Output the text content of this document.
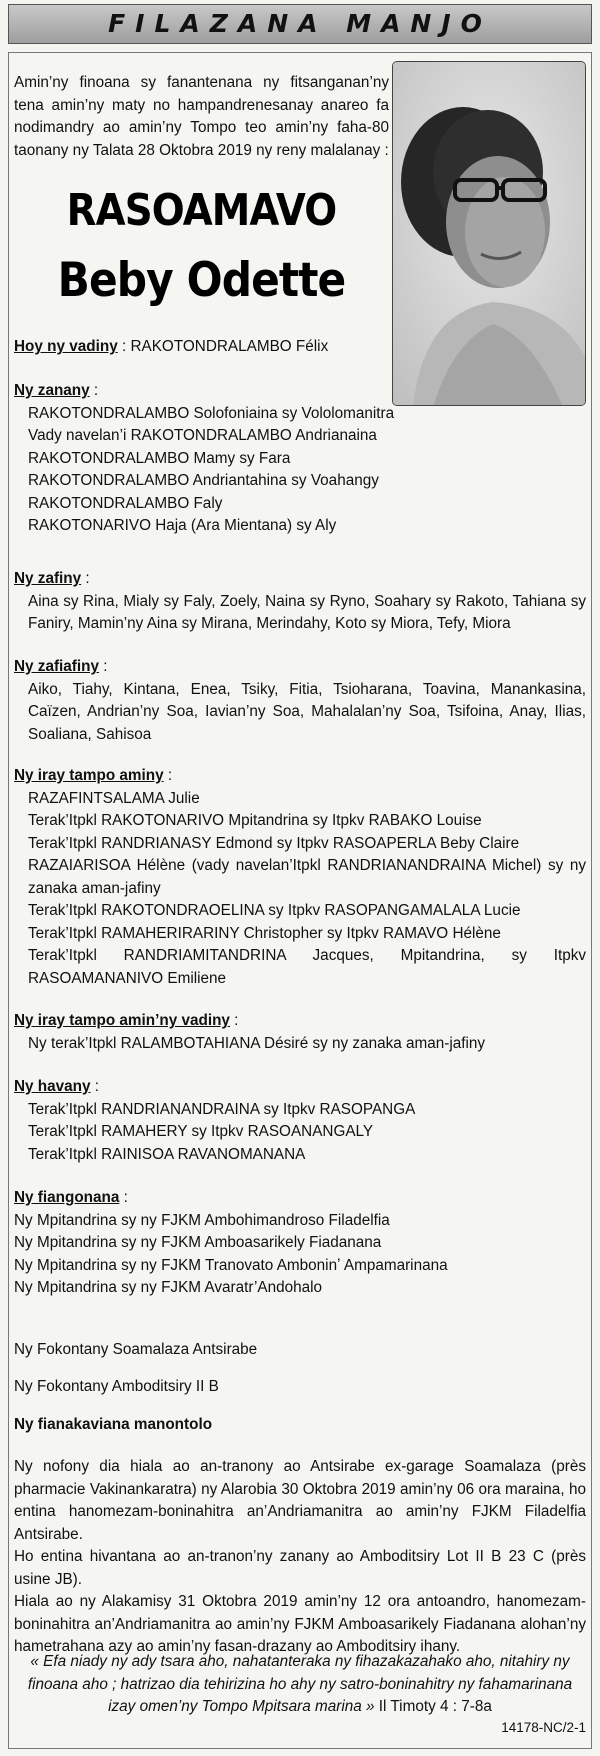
FILAZANA MANJO
Amin’ny finoana sy fanantenana ny fitsanganan’ny tena amin’ny maty no hampandrenesanay anareo fa nodimandry ao amin’ny Tompo teo amin’ny faha-80 taonany ny Talata 28 Oktobra 2019 ny reny malalanay :
RASOAMAVO
Beby Odette
Hoy ny vadiny : RAKOTONDRALAMBO Félix
Ny zanany :
RAKOTONDRALAMBO Solofoniaina sy Vololomanitra
Vady navelan’i RAKOTONDRALAMBO Andrianaina
RAKOTONDRALAMBO Mamy sy Fara
RAKOTONDRALAMBO Andriantahina sy Voahangy
RAKOTONDRALAMBO Faly
RAKOTONARIVO Haja (Ara Mientana) sy Aly
Ny zafiny :
Aina sy Rina, Mialy sy Faly, Zoely, Naina sy Ryno, Soahary sy Rakoto, Tahiana sy Faniry, Mamin’ny Aina sy Mirana, Merindahy, Koto sy Miora, Tefy, Miora
Ny zafiafiny :
Aiko, Tiahy, Kintana, Enea, Tsiky, Fitia, Tsioharana, Toavina, Manankasina, Caïzen, Andrian’ny Soa, Iavian’ny Soa, Mahalalan’ny Soa, Tsifoina, Anay, Ilias, Soaliana, Sahisoa
Ny iray tampo aminy :
RAZAFINTSALAMA Julie
Terak’Itpkl RAKOTONARIVO Mpitandrina sy Itpkv RABAKO Louise
Terak’Itpkl RANDRIANASY Edmond sy Itpkv RASOAPERLA Beby Claire
RAZAIARISOA Hélène (vady navelan’Itpkl RANDRIANANDRAINA Michel) sy ny zanaka aman-jafiny
Terak’Itpkl RAKOTONDRAOELINA sy Itpkv RASOPANGAMALALA Lucie
Terak’Itpkl RAMAHERIRARINY Christopher sy Itpkv RAMAVO Hélène
Terak’Itpkl RANDRIAMITANDRINA Jacques, Mpitandrina, sy Itpkv RASOAMANANIVO Emiliene
Ny iray tampo amin’ny vadiny :
Ny terak’Itpkl RALAMBOTAHIANA Désiré sy ny zanaka aman-jafiny
Ny havany :
Terak’Itpkl RANDRIANANDRAINA sy Itpkv RASOPANGA
Terak’Itpkl RAMAHERY sy Itpkv RASOANANGALY
Terak’Itpkl RAINISOA RAVANOMANANA
Ny fiangonana :
Ny Mpitandrina sy ny FJKM Ambohimandroso Filadelfia
Ny Mpitandrina sy ny FJKM Amboasarikely Fiadanana
Ny Mpitandrina sy ny FJKM Tranovato Amboninʼ Ampamarinana
Ny Mpitandrina sy ny FJKM Avaratr’Andohalo
Ny Fokontany Soamalaza Antsirabe
Ny Fokontany Amboditsiry II B
Ny fianakaviana manontolo
Ny nofony dia hiala ao an-tranony ao Antsirabe ex-garage Soamalaza (près pharmacie Vakinankaratra) ny Alarobia 30 Oktobra 2019 amin’ny 06 ora maraina, ho entina hanomezam-boninahitra an’Andriamanitra ao amin’ny FJKM Filadelfia Antsirabe.
Ho entina hivantana ao an-tranon’ny zanany ao Amboditsiry Lot II B 23 C (près usine JB).
Hiala ao ny Alakamisy 31 Oktobra 2019 amin’ny 12 ora antoandro, hanomezam-boninahitra an’Andriamanitra ao amin’ny FJKM Amboasarikely Fiadanana alohan’ny hametrahana azy ao amin’ny fasan-drazany ao Amboditsiry ihany.
« Efa niady ny ady tsara aho, nahatanteraka ny fihazakazahako aho, nitahiry ny finoana aho ; hatrizao dia tehirizina ho ahy ny satro-boninahitry ny fahamarinana izay omen’ny Tompo Mpitsara marina » Il Timoty 4 : 7-8a
14178-NC/2-1
